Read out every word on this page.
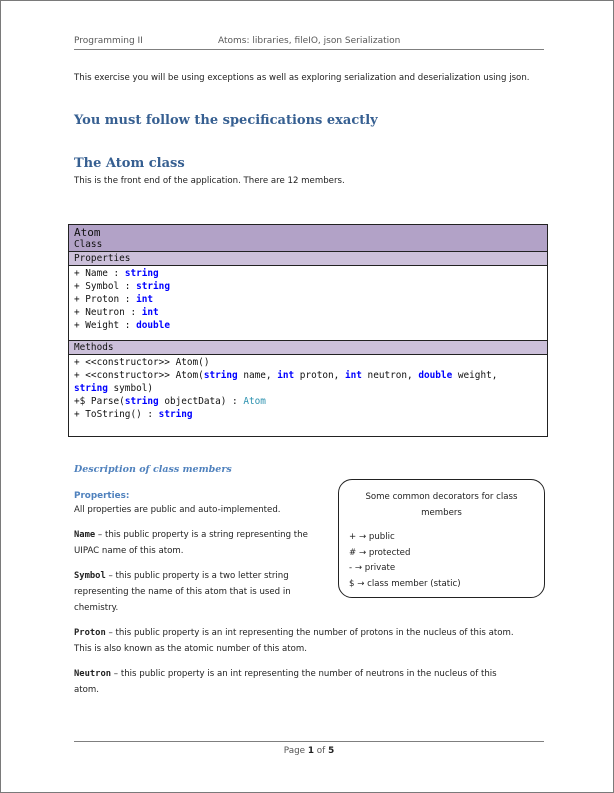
Programming II	Atoms: libraries, fileIO, json Serialization
This exercise you will be using exceptions as well as exploring serialization and deserialization using json.
You must follow the specifications exactly
The Atom class
This is the front end of the application. There are 12 members.
Atom
Class
Properties
+ Name : string
+ Symbol : string
+ Proton : int
+ Neutron : int
+ Weight : double
Methods
+ <<constructor>> Atom()
+ <<constructor>> Atom(string name, int proton, int neutron, double weight,
string symbol)
+$ Parse(string objectData) : Atom
+ ToString() : string
Description of class members
Properties:
All properties are public and auto-implemented.
Name – this public property is a string representing the
UIPAC name of this atom.
Symbol – this public property is a two letter string
representing the name of this atom that is used in
chemistry.
Proton – this public property is an int representing the number of protons in the nucleus of this atom.
This is also known as the atomic number of this atom.
Neutron – this public property is an int representing the number of neutrons in the nucleus of this
atom.
Some common decorators for class members
+ → public
# → protected
- → private
$ → class member (static)
Page 1 of 5
